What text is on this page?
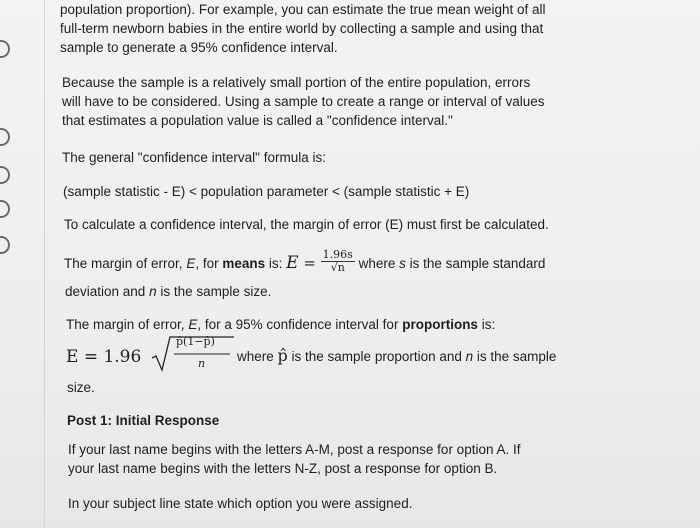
population proportion). For example, you can estimate the true mean weight of all
full-term newborn babies in the entire world by collecting a sample and using that
sample to generate a 95% confidence interval.
Because the sample is a relatively small portion of the entire population, errors
will have to be considered. Using a sample to create a range or interval of values
that estimates a population value is called a "confidence interval."
The general "confidence interval" formula is:
(sample statistic - E) < population parameter < (sample statistic + E)
To calculate a confidence interval, the margin of error (E) must first be calculated.
The margin of error, E, for means is: $E = \frac{1.96s}{√n}$ where s is the sample standard
deviation and n is the sample size.
The margin of error, E, for a 95% confidence interval for proportions is:
E = 1.96
p̂(1−p̂)
n where p̂ is the sample proportion and n is the sample
size.
Post 1: Initial Response
If your last name begins with the letters A-M, post a response for option A. If
your last name begins with the letters N-Z, post a response for option B.
In your subject line state which option you were assigned.
